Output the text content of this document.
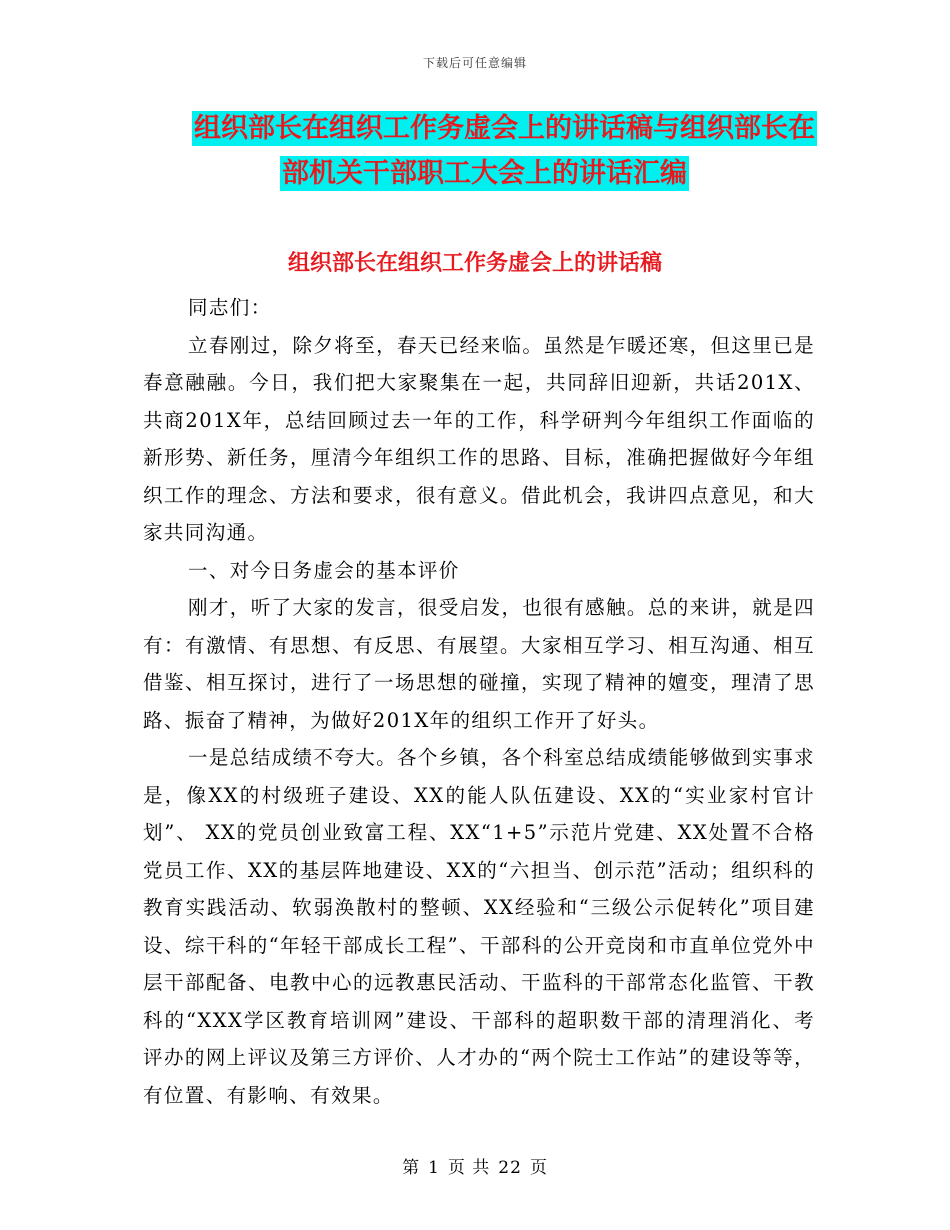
下载后可任意编辑
组织部长在组织工作务虚会上的讲话稿与组织部长在
部机关干部职工大会上的讲话汇编
组织部长在组织工作务虚会上的讲话稿

同志们：

立春刚过，除夕将至，春天已经来临。虽然是乍暖还寒，但这里已是春意融融。今日，我们把大家聚集在一起，共同辞旧迎新，共话201X、共商201X年，总结回顾过去一年的工作，科学研判今年组织工作面临的新形势、新任务，厘清今年组织工作的思路、目标，准确把握做好今年组织工作的理念、方法和要求，很有意义。借此机会，我讲四点意见，和大家共同沟通。

一、对今日务虚会的基本评价

刚才，听了大家的发言，很受启发，也很有感触。总的来讲，就是四有：有激情、有思想、有反思、有展望。大家相互学习、相互沟通、相互借鉴、相互探讨，进行了一场思想的碰撞，实现了精神的嬗变，理清了思路、振奋了精神，为做好201X年的组织工作开了好头。

一是总结成绩不夸大。各个乡镇，各个科室总结成绩能够做到实事求是，像XX的村级班子建设、XX的能人队伍建设、XX的“实业家村官计划”、 XX的党员创业致富工程、XX“1+5”示范片党建、XX处置不合格党员工作、XX的基层阵地建设、XX的“六担当、创示范”活动；组织科的教育实践活动、软弱涣散村的整顿、XX经验和“三级公示促转化”项目建设、综干科的“年轻干部成长工程”、干部科的公开竞岗和市直单位党外中层干部配备、电教中心的远教惠民活动、干监科的干部常态化监管、干教科的“XXX学区教育培训网”建设、干部科的超职数干部的清理消化、考评办的网上评议及第三方评价、人才办的“两个院士工作站”的建设等等，有位置、有影响、有效果。

第 1 页 共 22 页
